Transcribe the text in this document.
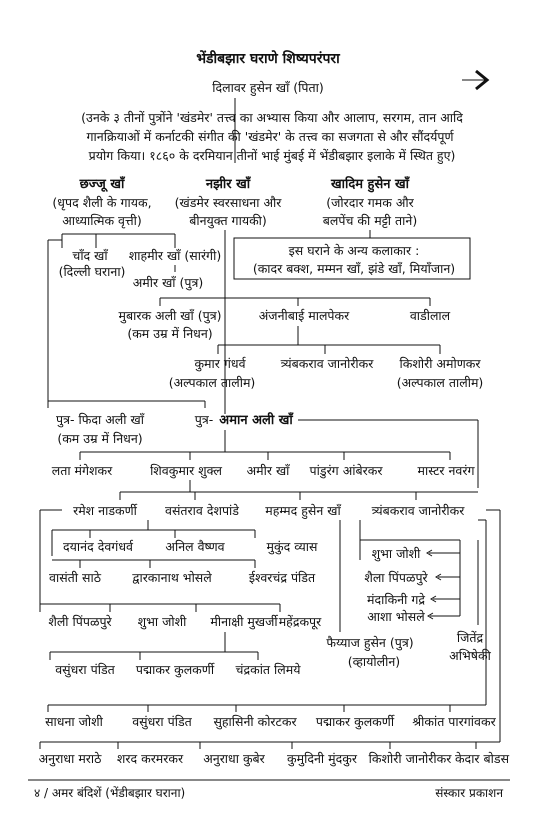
भेंडीबझार घराणे शिष्यपरंपरा
दिलावर हुसेन खाँ (पिता)
(उनके ३ तीनों पुत्रोंने 'खंडमेर' तत्त्व का अभ्यास किया और आलाप, सरगम, तान आदि
गानक्रियाओं में कर्नाटकी संगीत की 'खंडमेर' के तत्त्व का सजगता से और सौंदर्यपूर्ण
प्रयोग किया। १८६० के दरमियान तीनों भाई मुंबई में भेंडीबझार इलाके में स्थित हुए)
छज्जू खाँ
(धृपद शैली के गायक,
आध्यात्मिक वृत्ती)
नझीर खाँ
(खंडमेर स्वरसाधना और
बीनयुक्त गायकी)
खादिम हुसेन खाँ
(जोरदार गमक और
बलपेंच की मट्टी ताने)
चाँद खाँ
(दिल्ली घराना)
शाहमीर खाँ (सारंगी)
अमीर खाँ (पुत्र)
इस घराने के अन्य कलाकार :
(कादर बक्श, मम्मन खाँ, झंडे खाँ, मियाँजान)
मुबारक अली खाँ (पुत्र)
(कम उम्र में निधन)
अंजनीबाई मालपेकर	वाडीलाल
कुमार गंधर्व
(अल्पकाल तालीम)
त्र्यंबकराव जानोरीकर किशोरी अमोणकर
(अल्पकाल तालीम)
पुत्र- फिदा अली खाँ
(कम उम्र में निधन)
पुत्र- अमान अली खाँ
लता मंगेशकर	शिवकुमार शुक्ल अमीर खाँ पांडुरंग आंबेरकर	मास्टर नवरंग
रमेश नाडकर्णी वसंतराव देशपांडे महम्मद हुसेन खाँ त्र्यंबकराव जानोरीकर
दयानंद देवगंधर्व	अनिल वैष्णव	मुकुंद व्यास
वासंती साठे	द्वारकानाथ भोसले	ईश्वरचंद्र पंडित
शैली पिंपळपुरे शुभा जोशी मीनाक्षी मुखर्जी महेंद्रकपूर
फैय्याज हुसेन (पुत्र)
(व्हायोलीन)
शुभा जोशी
शैला पिंपळपुरे
मंदाकिनी गद्रे
आशा भोसले
जितेंद्र
अभिषेकी
वसुंधरा पंडित पद्माकर कुलकर्णी चंद्रकांत लिमये
साधना जोशी वसुंधरा पंडित सुहासिनी कोरटकर पद्माकर कुलकर्णी श्रीकांत पारगांवकर
अनुराधा मराठे शरद करमरकर अनुराधा कुबेर कुमुदिनी मुंदकुर किशोरी जानोरीकर केदार बोडस
४ / अमर बंदिशें (भेंडीबझार घराना)	संस्कार प्रकाशन
